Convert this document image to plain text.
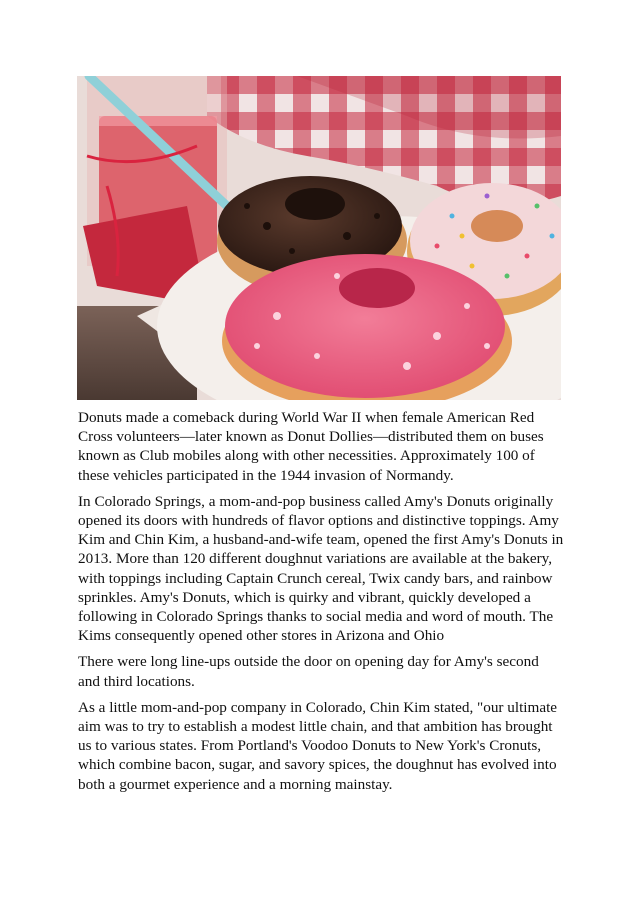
Donuts made a comeback during World War II when female American Red Cross volunteers—later known as Donut Dollies—distributed them on buses known as Club mobiles along with other necessities. Approximately 100 of these vehicles participated in the 1944 invasion of Normandy.

In Colorado Springs, a mom-and-pop business called Amy's Donuts originally opened its doors with hundreds of flavor options and distinctive toppings. Amy Kim and Chin Kim, a husband-and-wife team, opened the first Amy's Donuts in 2013. More than 120 different doughnut variations are available at the bakery, with toppings including Captain Crunch cereal, Twix candy bars, and rainbow sprinkles. Amy's Donuts, which is quirky and vibrant, quickly developed a following in Colorado Springs thanks to social media and word of mouth. The Kims consequently opened other stores in Arizona and Ohio

There were long line-ups outside the door on opening day for Amy's second and third locations.

As a little mom-and-pop company in Colorado, Chin Kim stated, "our ultimate aim was to try to establish a modest little chain, and that ambition has brought us to various states. From Portland's Voodoo Donuts to New York's Cronuts, which combine bacon, sugar, and savory spices, the doughnut has evolved into both a gourmet experience and a morning mainstay.
